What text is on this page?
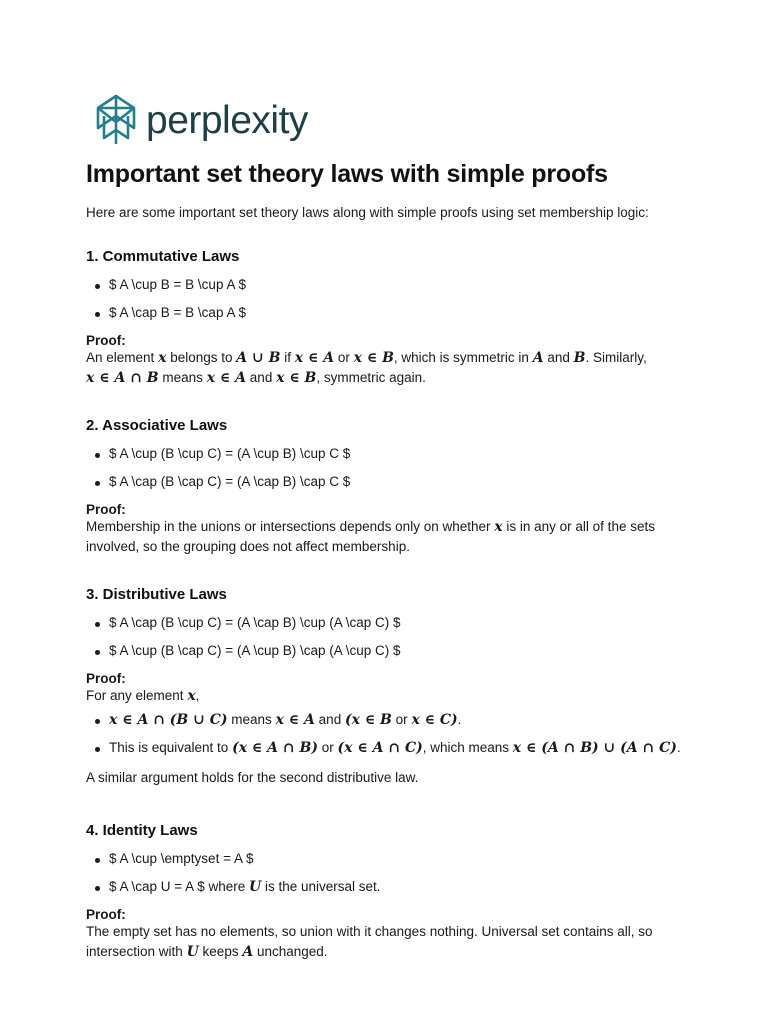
perplexity
Important set theory laws with simple proofs
Here are some important set theory laws along with simple proofs using set membership logic:
1. Commutative Laws
$ A \cup B = B \cup A $
$ A \cap B = B \cap A $
Proof:
An element x belongs to A ∪ B if x ∈ A or x ∈ B, which is symmetric in A and B. Similarly,
x ∈ A ∩ B means x ∈ A and x ∈ B, symmetric again.
2. Associative Laws
$ A \cup (B \cup C) = (A \cup B) \cup C $
$ A \cap (B \cap C) = (A \cap B) \cap C $
Proof:
Membership in the unions or intersections depends only on whether x is in any or all of the sets
involved, so the grouping does not affect membership.
3. Distributive Laws
$ A \cap (B \cup C) = (A \cap B) \cup (A \cap C) $
$ A \cup (B \cap C) = (A \cup B) \cap (A \cup C) $
Proof:
For any element x,
x ∈ A ∩ (B ∪ C) means x ∈ A and (x ∈ B or x ∈ C).
This is equivalent to (x ∈ A ∩ B) or (x ∈ A ∩ C), which means x ∈ (A ∩ B) ∪ (A ∩ C).
A similar argument holds for the second distributive law.
4. Identity Laws
$ A \cup \emptyset = A $
$ A \cap U = A $ where U is the universal set.
Proof:
The empty set has no elements, so union with it changes nothing. Universal set contains all, so
intersection with U keeps A unchanged.
